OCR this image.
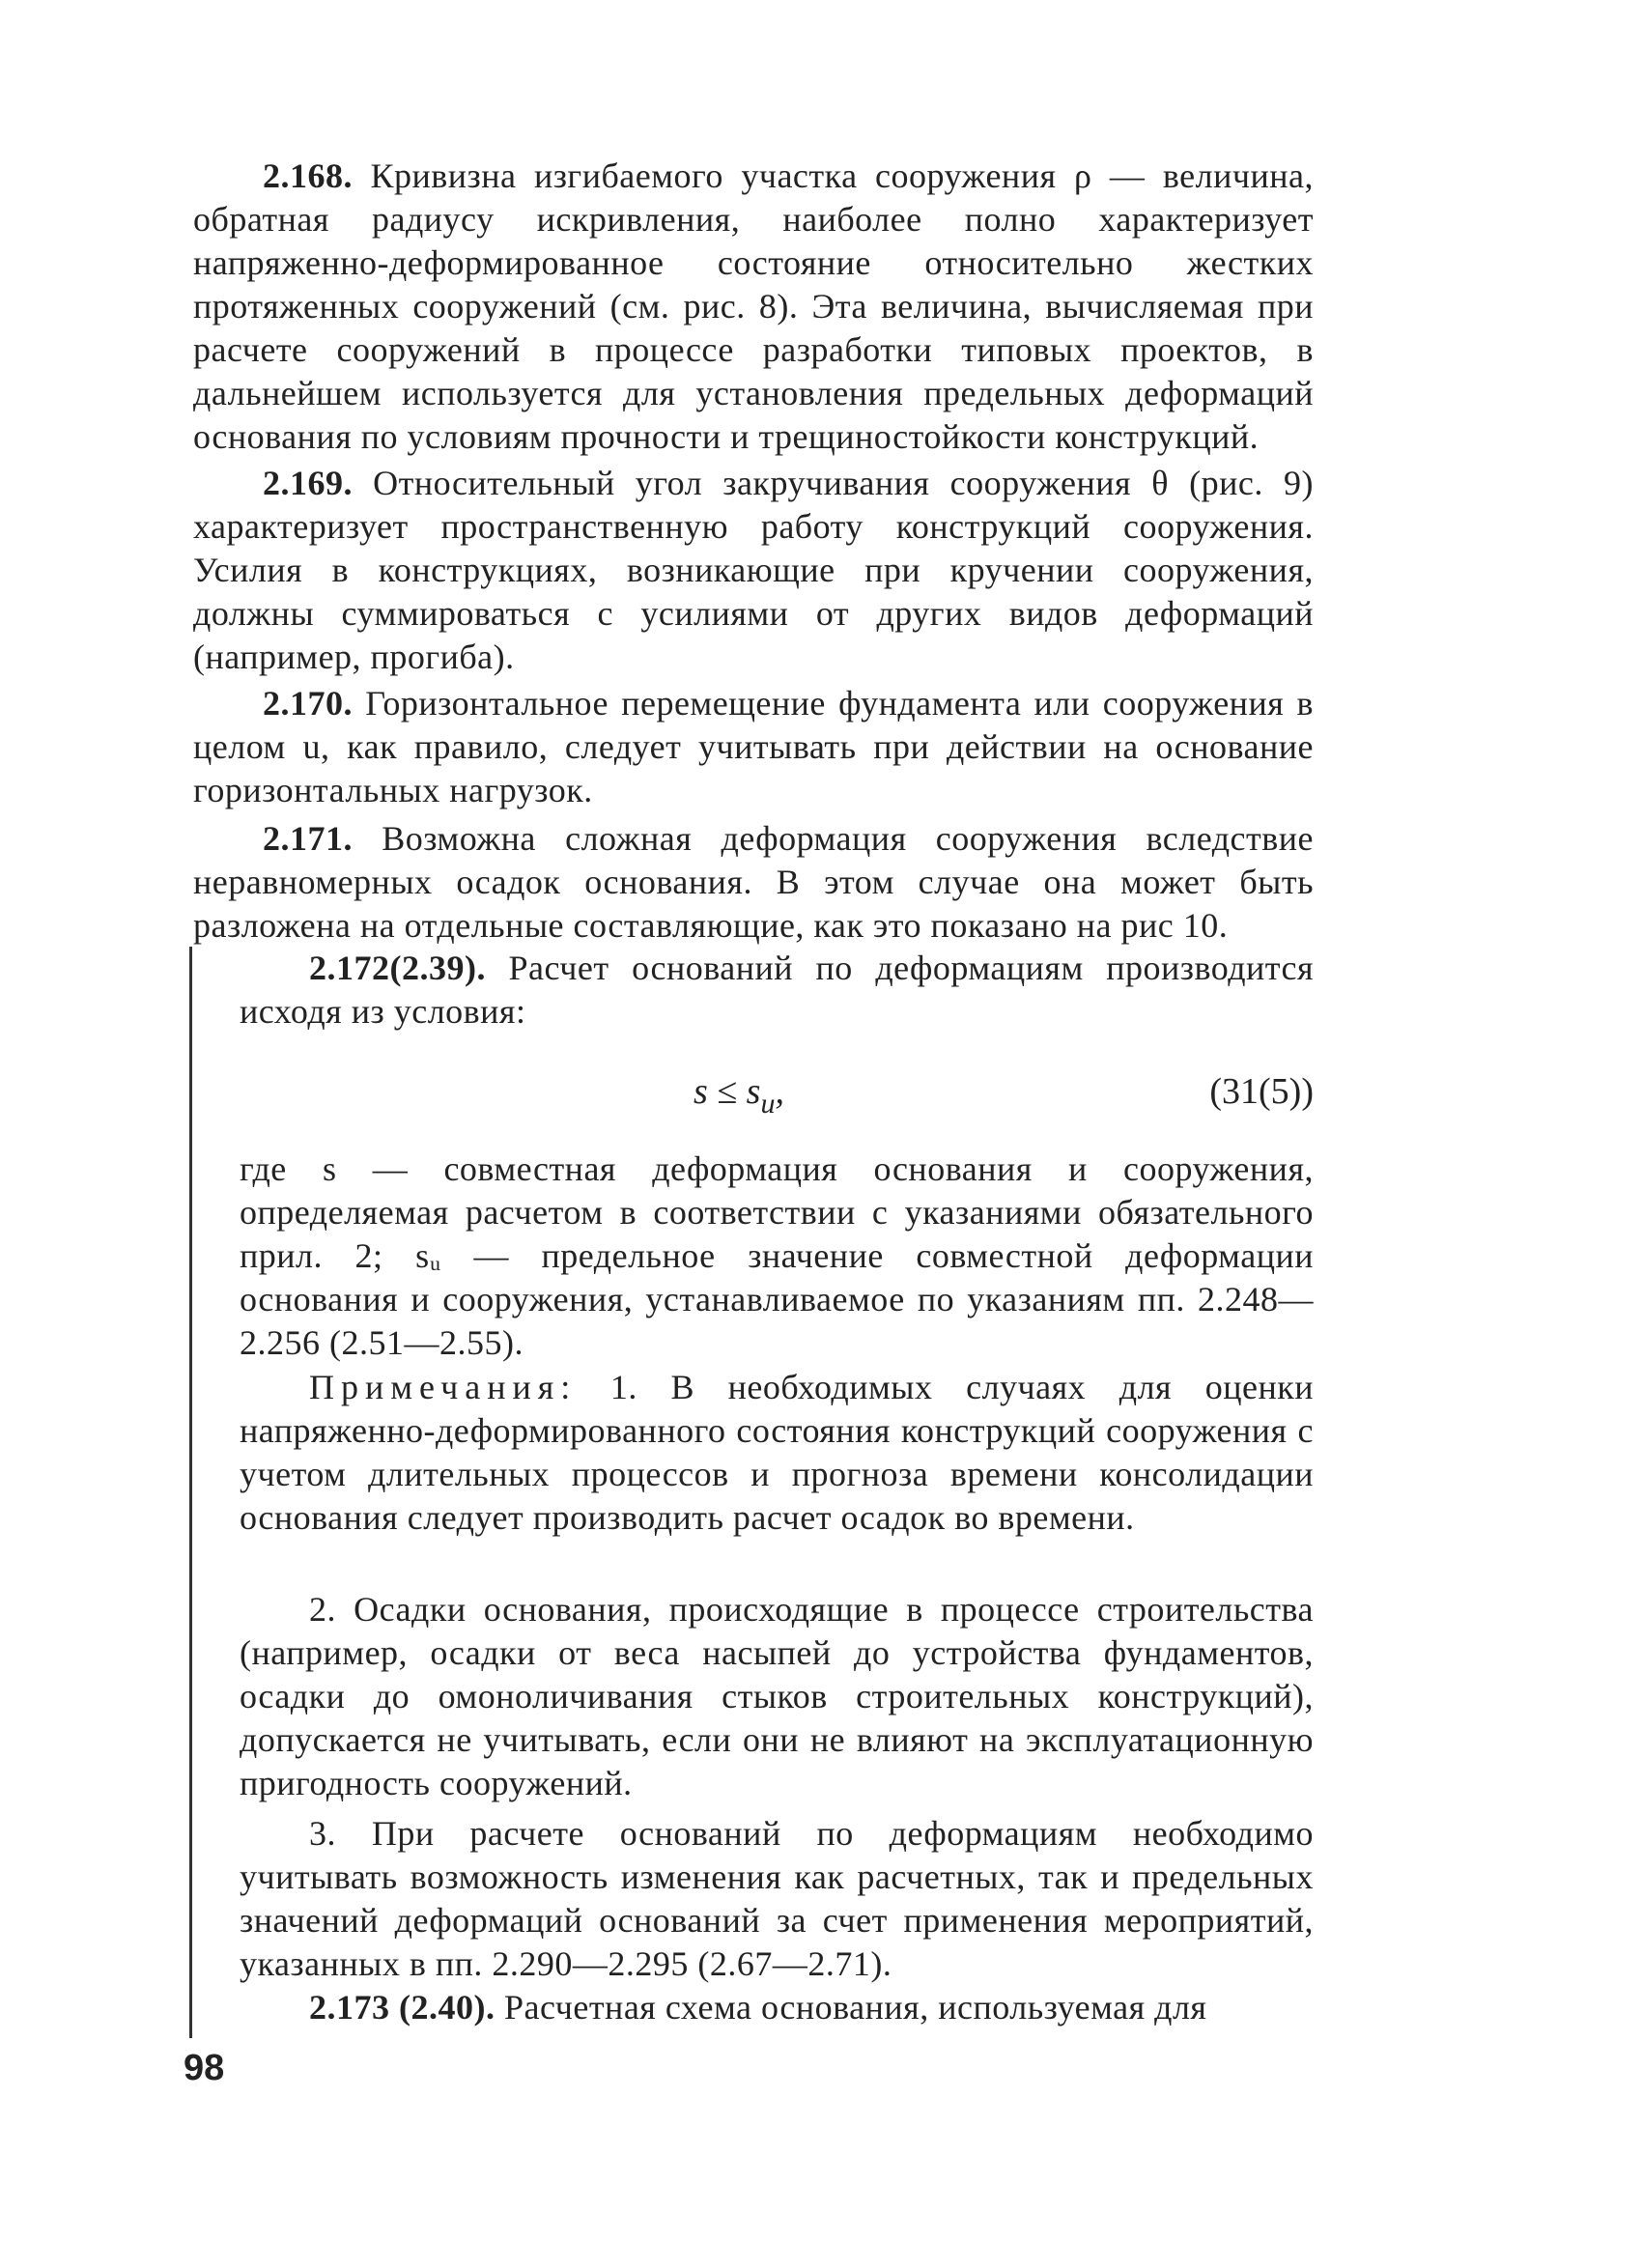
2.168. Кривизна изгибаемого участка сооружения ρ — величина, обратная радиусу искривления, наиболее полно характеризует напряженно-деформированное состояние относительно жестких протяженных сооружений (см. рис. 8). Эта величина, вычисляемая при расчете сооружений в процессе разработки типовых проектов, в дальнейшем используется для установления предельных деформаций основания по условиям прочности и трещиностойкости конструкций.
2.169. Относительный угол закручивания сооружения θ (рис. 9) характеризует пространственную работу конструкций сооружения. Усилия в конструкциях, возникающие при кручении сооружения, должны суммироваться с усилиями от других видов деформаций (например, прогиба).
2.170. Горизонтальное перемещение фундамента или сооружения в целом u, как правило, следует учитывать при действии на основание горизонтальных нагрузок.
2.171. Возможна сложная деформация сооружения вследствие неравномерных осадок основания. В этом случае она может быть разложена на отдельные составляющие, как это показано на рис 10.
2.172(2.39). Расчет оснований по деформациям производится исходя из условия:
$s \le s_u$,	(31(5))
где s — совместная деформация основания и сооружения, определяемая расчетом в соответствии с указаниями обязательного прил. 2; sᵤ — предельное значение совместной деформации основания и сооружения, устанавливаемое по указаниям пп. 2.248—2.256 (2.51—2.55).
Примечания: 1. В необходимых случаях для оценки напряженно-деформированного состояния конструкций сооружения с учетом длительных процессов и прогноза времени консолидации основания следует производить расчет осадок во времени.
2. Осадки основания, происходящие в процессе строительства (например, осадки от веса насыпей до устройства фундаментов, осадки до омоноличивания стыков строительных конструкций), допускается не учитывать, если они не влияют на эксплуатационную пригодность сооружений.
3. При расчете оснований по деформациям необходимо учитывать возможность изменения как расчетных, так и предельных значений деформаций оснований за счет применения мероприятий, указанных в пп. 2.290—2.295 (2.67—2.71).
2.173 (2.40). Расчетная схема основания, используемая для
98
